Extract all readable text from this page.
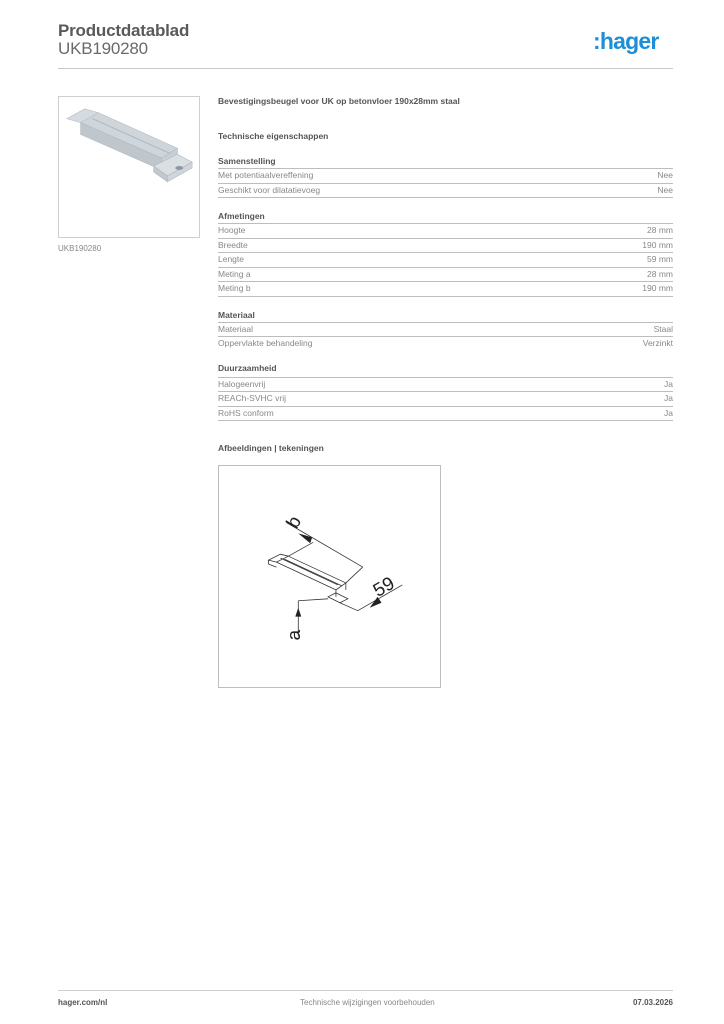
Productdatablad
UKB190280	:hager
UKB190280
Bevestigingsbeugel voor UK op betonvloer 190x28mm staal
Technische eigenschappen
Samenstelling
Met potentiaalvereffening	Nee
Geschikt voor dilatatievoeg	Nee
Afmetingen
Hoogte	28 mm
Breedte	190 mm
Lengte	59 mm
Meting a	28 mm
Meting b	190 mm
Materiaal
Materiaal	Staal
Oppervlakte behandeling	Verzinkt
Duurzaamheid
Halogeenvrij	Ja
REACh-SVHC vrij	Ja
RoHS conform	Ja
Afbeeldingen | tekeningen
b
59
a
hager.com/nl	Technische wijzigingen voorbehouden	07.03.2026
